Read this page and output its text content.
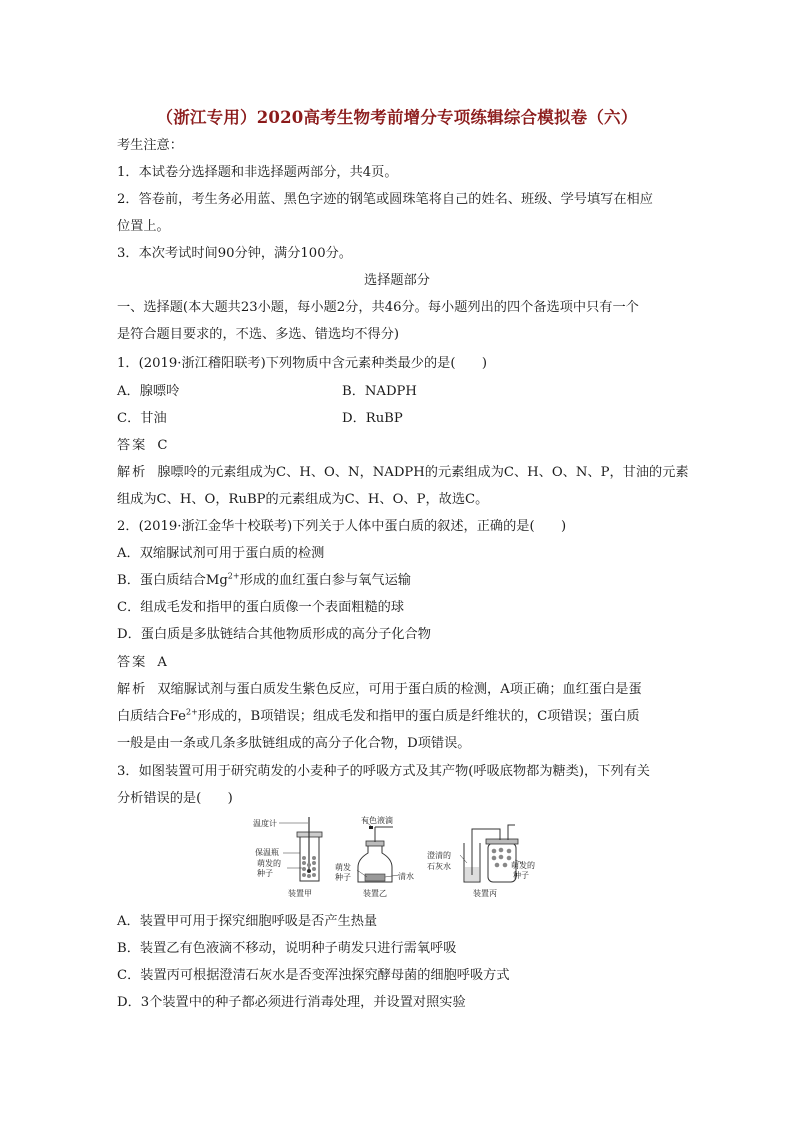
（浙江专用）2020高考生物考前增分专项练辑综合模拟卷（六）
考生注意：
1．本试卷分选择题和非选择题两部分，共4页。
2．答卷前，考生务必用蓝、黑色字迹的钢笔或圆珠笔将自己的姓名、班级、学号填写在相应
位置上。
3．本次考试时间90分钟，满分100分。
选择题部分
一、选择题(本大题共23小题，每小题2分，共46分。每小题列出的四个备选项中只有一个
是符合题目要求的，不选、多选、错选均不得分)
1．(2019·浙江稽阳联考)下列物质中含元素种类最少的是(　　)
A．腺嘌呤	B．NADPH
C．甘油	D．RuBP
答案 C
解析 腺嘌呤的元素组成为C、H、O、N，NADPH的元素组成为C、H、O、N、P，甘油的元素
组成为C、H、O，RuBP的元素组成为C、H、O、P，故选C。
2．(2019·浙江金华十校联考)下列关于人体中蛋白质的叙述，正确的是(　　)
A．双缩脲试剂可用于蛋白质的检测
B．蛋白质结合$Mg^{2+}$形成的血红蛋白参与氧气运输
C．组成毛发和指甲的蛋白质像一个表面粗糙的球
D．蛋白质是多肽链结合其他物质形成的高分子化合物
答案 A
解析 双缩脲试剂与蛋白质发生紫色反应，可用于蛋白质的检测，A项正确；血红蛋白是蛋
白质结合$Fe^{2+}$形成的，B项错误；组成毛发和指甲的蛋白质是纤维状的，C项错误；蛋白质
一般是由一条或几条多肽链组成的高分子化合物，D项错误。
3．如图装置可用于研究萌发的小麦种子的呼吸方式及其产物(呼吸底物都为糖类)，下列有关
分析错误的是(　　)
温度计
保温瓶
萌发的
种子
装置甲
有色液滴
萌发
种子	清水
装置乙
澄清的
石灰水	萌发的
种子
装置丙
A．装置甲可用于探究细胞呼吸是否产生热量
B．装置乙有色液滴不移动，说明种子萌发只进行需氧呼吸
C．装置丙可根据澄清石灰水是否变浑浊探究酵母菌的细胞呼吸方式
D．3个装置中的种子都必须进行消毒处理，并设置对照实验
